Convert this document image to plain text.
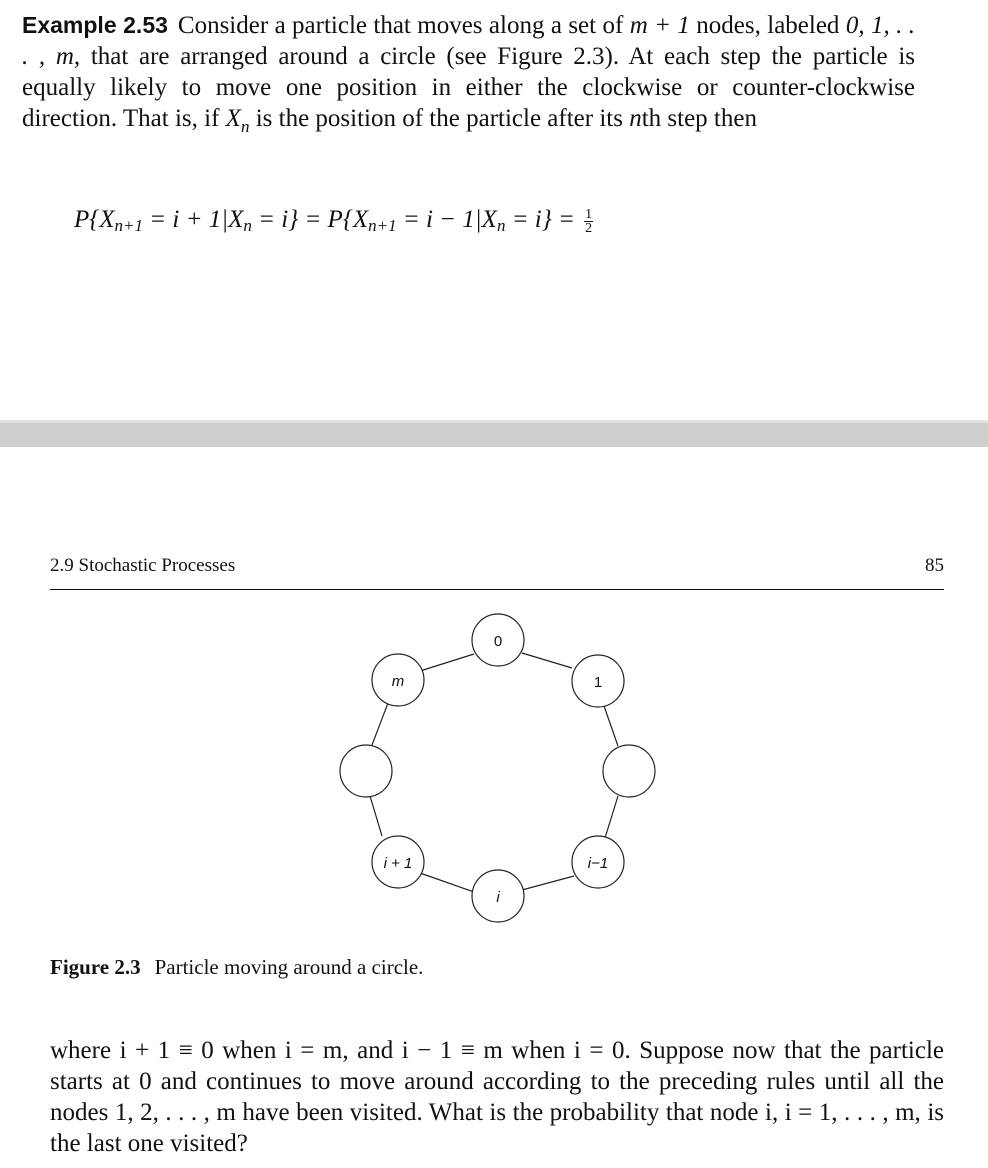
Example 2.53 Consider a particle that moves along a set of m + 1 nodes, labeled 0, 1, . . . , m, that are arranged around a circle (see Figure 2.3). At each step the particle is equally likely to move one position in either the clockwise or counter-clockwise direction. That is, if $X_n$ is the position of the particle after its nth step then

$P\{X_{n+1} = i + 1|X_n = i\} = P\{X_{n+1} = i - 1|X_n = i\} = \frac{1}{2}$
2.9 Stochastic Processes	85
0
1
i−1
i
i + 1
m
Figure 2.3 Particle moving around a circle.

where i + 1 ≡ 0 when i = m, and i − 1 ≡ m when i = 0. Suppose now that the particle starts at 0 and continues to move around according to the preceding rules until all the nodes 1, 2, . . . , m have been visited. What is the probability that node i, i = 1, . . . , m, is the last one visited?
